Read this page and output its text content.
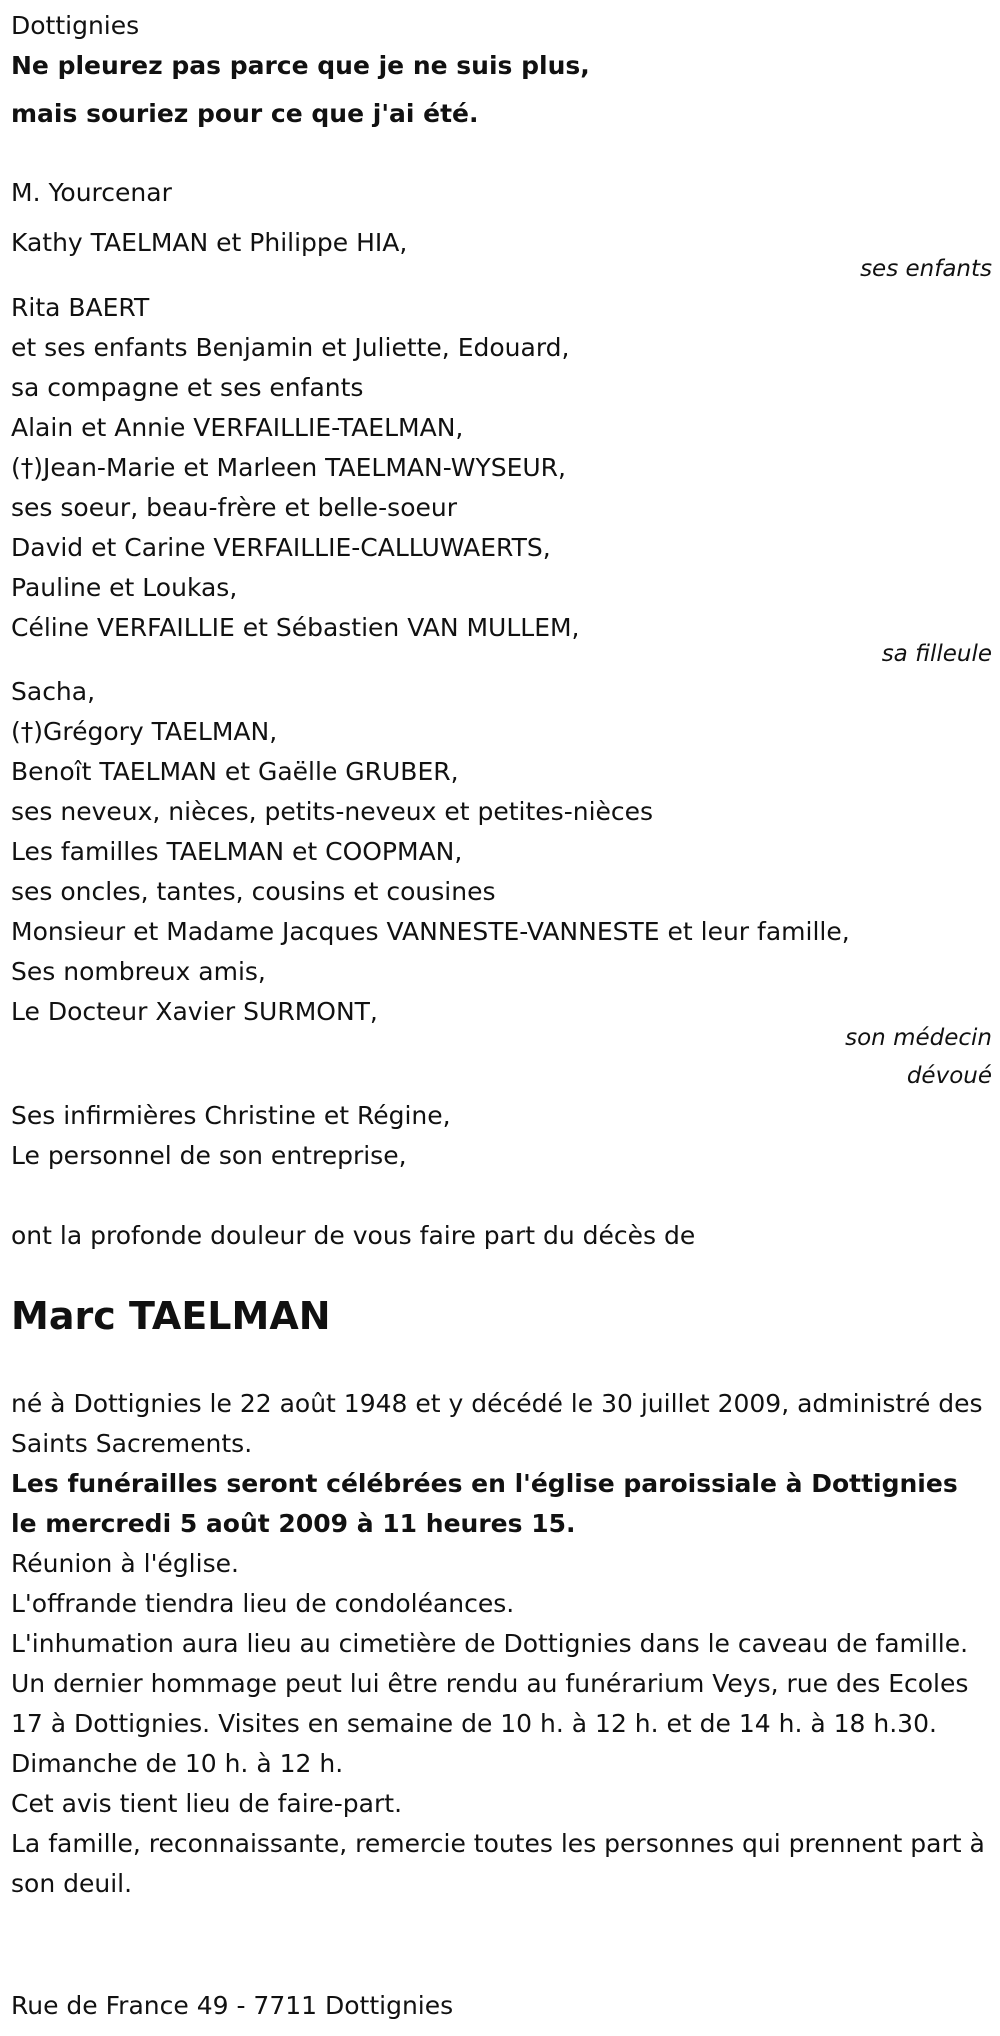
Dottignies
Ne pleurez pas parce que je ne suis plus,
mais souriez pour ce que j'ai été.
M. Yourcenar
Kathy TAELMAN et Philippe HIA,
ses enfants
Rita BAERT
et ses enfants Benjamin et Juliette, Edouard,
sa compagne et ses enfants
Alain et Annie VERFAILLIE-TAELMAN,
(†)Jean-Marie et Marleen TAELMAN-WYSEUR,
ses soeur, beau-frère et belle-soeur
David et Carine VERFAILLIE-CALLUWAERTS,
Pauline et Loukas,
Céline VERFAILLIE et Sébastien VAN MULLEM,
sa filleule
Sacha,
(†)Grégory TAELMAN,
Benoît TAELMAN et Gaëlle GRUBER,
ses neveux, nièces, petits-neveux et petites-nièces
Les familles TAELMAN et COOPMAN,
ses oncles, tantes, cousins et cousines
Monsieur et Madame Jacques VANNESTE-VANNESTE et leur famille,
Ses nombreux amis,
Le Docteur Xavier SURMONT,
son médecin
dévoué
Ses infirmières Christine et Régine,
Le personnel de son entreprise,
ont la profonde douleur de vous faire part du décès de
Marc TAELMAN
né à Dottignies le 22 août 1948 et y décédé le 30 juillet 2009, administré des Saints Sacrements.
Les funérailles seront célébrées en l'église paroissiale à Dottignies le mercredi 5 août 2009 à 11 heures 15.
Réunion à l'église.
L'offrande tiendra lieu de condoléances.
L'inhumation aura lieu au cimetière de Dottignies dans le caveau de famille.
Un dernier hommage peut lui être rendu au funérarium Veys, rue des Ecoles 17 à Dottignies. Visites en semaine de 10 h. à 12 h. et de 14 h. à 18 h.30. Dimanche de 10 h. à 12 h.
Cet avis tient lieu de faire-part.
La famille, reconnaissante, remercie toutes les personnes qui prennent part à son deuil.
Rue de France 49 - 7711 Dottignies
